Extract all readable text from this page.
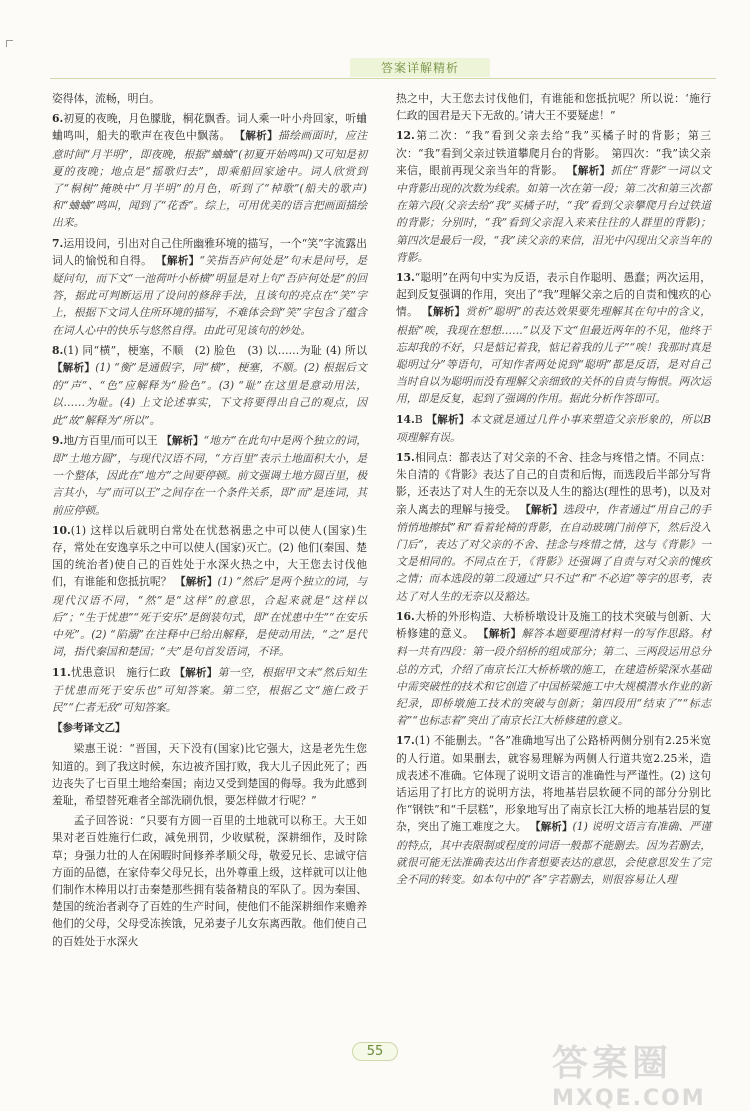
答案详解精析
姿得体，流畅，明白。
6.初夏的夜晚，月色朦胧，桐花飘香。词人乘一叶小舟回家，听蛐蛐鸣叫，船夫的歌声在夜色中飘荡。 【解析】描绘画面时，应注意时间“月半明”，即夜晚，根据“蛐蛐”(初夏开始鸣叫)又可知是初夏的夜晚；地点是“摇歌归去”，即乘船回家途中。词人欣赏到了“桐树”掩映中“月半明”的月色，听到了“棹歌”(船夫的歌声)和“蛐蛐”鸣叫，闻到了“花香”。综上，可用优美的语言把画面描绘出来。
7.运用设问，引出对自己住所幽雅环境的描写，一个“笑”字流露出词人的愉悦和自得。 【解析】“笑指吾庐何处是”句末是问号，是疑问句，而下文“一池荷叶小桥横”明显是对上句“吾庐何处是”的回答，据此可判断运用了设问的修辞手法，且该句的亮点在“笑”字上，根据下文词人住所环境的描写，不难体会到“笑”字包含了蕴含在词人心中的快乐与悠然自得。由此可见该句的妙处。
8.(1) 同“横”，梗塞，不顺　(2) 脸色　(3) 以……为耻 (4) 所以 【解析】(1) “衡”是通假字，同“横”，梗塞，不顺。(2) 根据后文的“声”、“色”应解释为“脸色”。(3) “耻”在这里是意动用法，以……为耻。(4) 上文论述事实，下文将要得出自己的观点，因此“故”解释为“所以”。
9.地/方百里/而可以王 【解析】“地方”在此句中是两个独立的词，即“土地方圆”，与现代汉语不同，“方百里”表示土地面积大小，是一个整体，因此在“地方”之间要停顿。前文强调土地方圆百里，极言其小，与“而可以王”之间存在一个条件关系，即“而”是连词，其前应停顿。
10.(1) 这样以后就明白常处在忧愁祸患之中可以使人(国家)生存，常处在安逸享乐之中可以使人(国家)灭亡。(2) 他们(秦国、楚国的统治者)使自己的百姓处于水深火热之中，大王您去讨伐他们，有谁能和您抵抗呢？ 【解析】(1) “然后”是两个独立的词，与现代汉语不同，“然”是“这样”的意思，合起来就是“这样以后”；“生于忧患”“死于安乐”是倒装句式，即“在忧患中生”“在安乐中死”。(2) “陷溺”在注释中已给出解释，是使动用法，“之”是代词，指代秦国和楚国；“夫”是句首发语词，不译。
11.忧患意识　施行仁政 【解析】第一空，根据甲文末“然后知生于忧患而死于安乐也”可知答案。第二空，根据乙文“施仁政于民”“仁者无敌”可知答案。
【参考译文乙】
梁惠王说：“晋国，天下没有(国家)比它强大，这是老先生您知道的。到了我这时候，东边被齐国打败，我大儿子因此死了；西边丧失了七百里土地给秦国；南边又受到楚国的侮辱。我为此感到羞耻，希望替死难者全部洗刷仇恨，要怎样做才行呢？”
孟子回答说：“只要有方圆一百里的土地就可以称王。大王如果对老百姓施行仁政，减免刑罚，少收赋税，深耕细作，及时除草；身强力壮的人在闲暇时间修养孝顺父母，敬爱兄长、忠诚守信方面的品德，在家侍奉父母兄长，出外尊重上级，这样就可以让他们制作木棒用以打击秦楚那些拥有装备精良的军队了。因为秦国、楚国的统治者剥夺了百姓的生产时间，使他们不能深耕细作来赡养他们的父母，父母受冻挨饿，兄弟妻子儿女东离西散。他们使自己的百姓处于水深火
热之中，大王您去讨伐他们，有谁能和您抵抗呢？所以说：‘施行仁政的国君是天下无敌的。’请大王不要疑虑！”
12.第二次：“我”看到父亲去给“我”买橘子时的背影；第三次：“我”看到父亲过铁道攀爬月台的背影。　第四次：“我”读父亲来信，眼前再现父亲当年的背影。 【解析】抓住“背影”一词以文中背影出现的次数为线索。如第一次在第一段；第二次和第三次都在第六段(父亲去给“我”买橘子时，“我”看到父亲攀爬月台过铁道的背影；分别时，“我”看到父亲混入来来往往的人群里的背影)；第四次是最后一段，“我”读父亲的来信，泪光中闪现出父亲当年的背影。
13.“聪明”在两句中实为反语，表示自作聪明、愚蠢；两次运用，起到反复强调的作用，突出了“我”理解父亲之后的自责和愧疚的心情。 【解析】赏析“聪明”的表达效果要先理解其在句中的含义，根据“唉，我现在想想……”以及下文“但最近两年的不见，他终于忘却我的不好，只是惦记着我，惦记着我的儿子”“唉！我那时真是聪明过分”等语句，可知作者两处说到“聪明”都是反语，是对自己当时自以为聪明而没有理解父亲细致的关怀的自责与悔恨。两次运用，即是反复，起到了强调的作用。据此分析作答即可。
14.B 【解析】本文就是通过几件小事来塑造父亲形象的，所以B项理解有误。
15.相同点：都表达了对父亲的不舍、挂念与疼惜之情。不同点：朱自清的《背影》表达了自己的自责和后悔，而选段后半部分写背影，还表达了对人生的无奈以及人生的豁达(理性的思考)，以及对亲人离去的理解与接受。 【解析】选段中，作者通过“用自己的手悄悄地擦拭”和“看着轮椅的背影，在自动玻璃门前停下，然后没入门后”，表达了对父亲的不舍、挂念与疼惜之情，这与《背影》一文是相同的。不同点在于，《背影》还强调了自责与对父亲的愧疚之情；而本选段的第二段通过“只不过”和“不必追”等字的思考，表达了对人生的无奈以及豁达。
16.大桥的外形构造、大桥桥墩设计及施工的技术突破与创新、大桥修建的意义。 【解析】解答本题要理清材料一的写作思路。材料一共有四段：第一段介绍桥的组成部分；第二、三两段运用总分总的方式，介绍了南京长江大桥桥墩的施工，在建造桥梁深水基础中需突破性的技术和它创造了中国桥梁施工中大规模潜水作业的新纪录，即桥墩施工技术的突破与创新；第四段用“结束了”“标志着”“也标志着”突出了南京长江大桥修建的意义。
17.(1) 不能删去。“各”准确地写出了公路桥两侧分别有2.25米宽的人行道。如果删去，就容易理解为两侧人行道共宽2.25米，造成表述不准确。它体现了说明文语言的准确性与严谨性。(2) 这句话运用了打比方的说明方法，将地基岩层软硬不同的部分分别比作“钢铁”和“千层糕”，形象地写出了南京长江大桥的地基岩层的复杂，突出了施工难度之大。 【解析】(1) 说明文语言有准确、严谨的特点，其中表限制或程度的词语一般都不能删去。因为若删去，就很可能无法准确表达出作者想要表达的意思，会使意思发生了完全不同的转变。如本句中的“各”字若删去，则很容易让人理
55	答案圈
MXQE.COM
